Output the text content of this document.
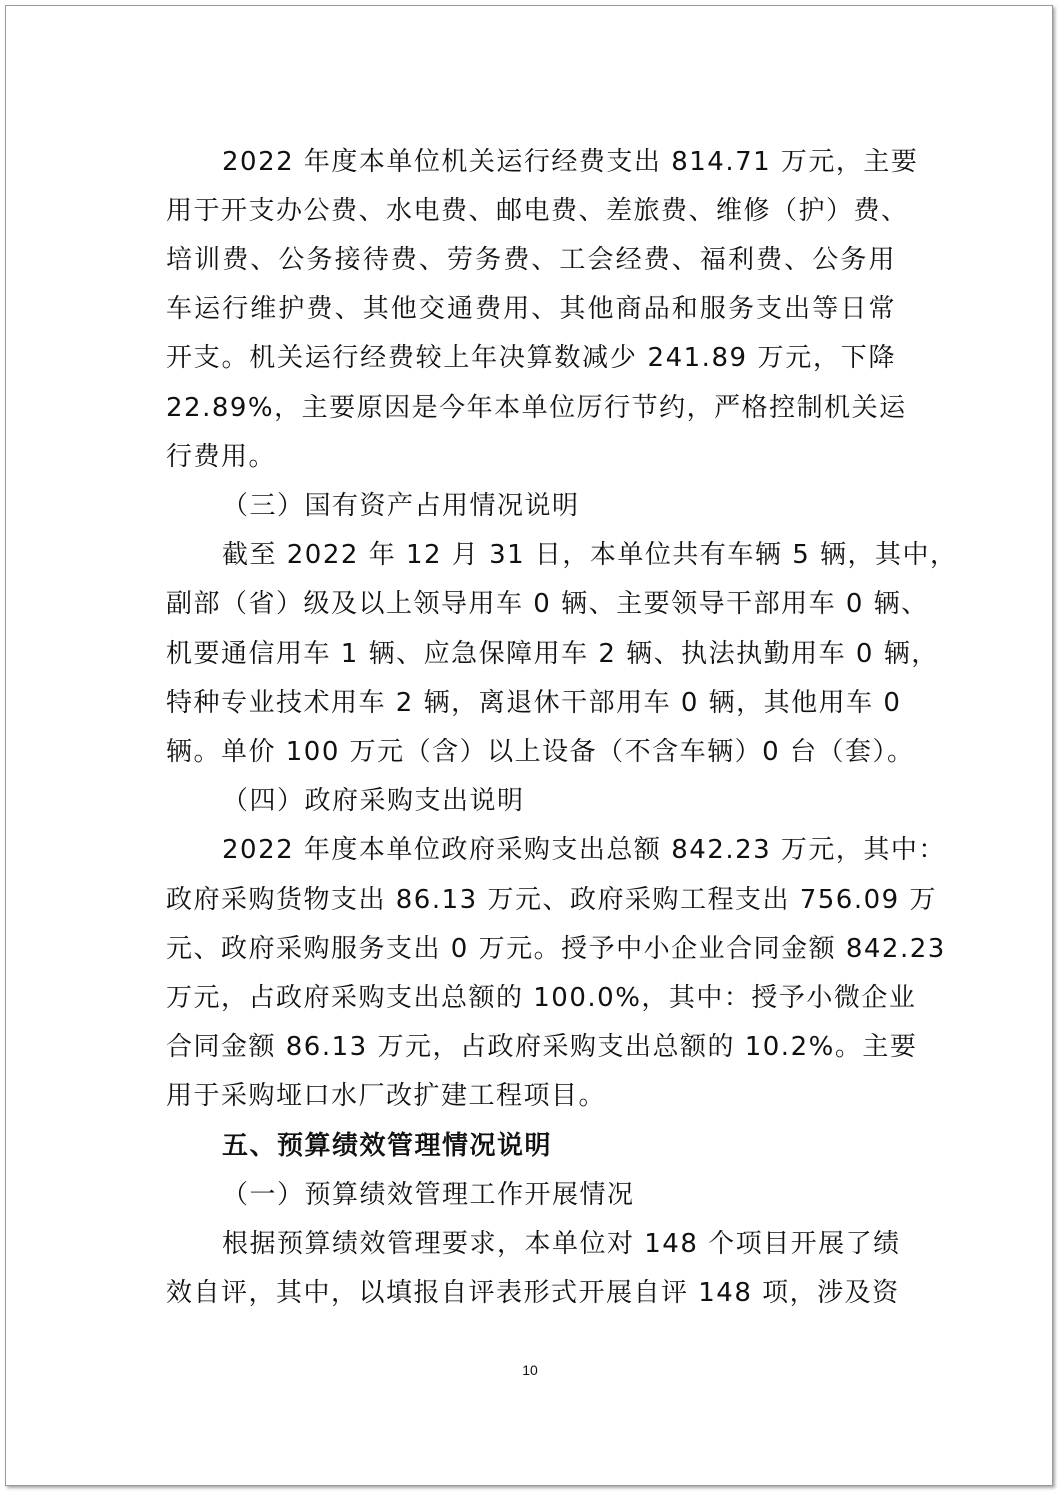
2022 年度本单位机关运行经费支出 814.71 万元，主要
用于开支办公费、水电费、邮电费、差旅费、维修（护）费、
培训费、公务接待费、劳务费、工会经费、福利费、公务用
车运行维护费、其他交通费用、其他商品和服务支出等日常
开支。机关运行经费较上年决算数减少 241.89 万元，下降
22.89%，主要原因是今年本单位厉行节约，严格控制机关运
行费用。
（三）国有资产占用情况说明
截至 2022 年 12 月 31 日，本单位共有车辆 5 辆，其中，
副部（省）级及以上领导用车 0 辆、主要领导干部用车 0 辆、
机要通信用车 1 辆、应急保障用车 2 辆、执法执勤用车 0 辆，
特种专业技术用车 2 辆，离退休干部用车 0 辆，其他用车 0
辆。单价 100 万元（含）以上设备（不含车辆）0 台（套）。
（四）政府采购支出说明
2022 年度本单位政府采购支出总额 842.23 万元，其中：
政府采购货物支出 86.13 万元、政府采购工程支出 756.09 万
元、政府采购服务支出 0 万元。授予中小企业合同金额 842.23
万元，占政府采购支出总额的 100.0%，其中：授予小微企业
合同金额 86.13 万元，占政府采购支出总额的 10.2%。主要
用于采购垭口水厂改扩建工程项目。
五、预算绩效管理情况说明
（一）预算绩效管理工作开展情况
根据预算绩效管理要求，本单位对 148 个项目开展了绩
效自评，其中，以填报自评表形式开展自评 148 项，涉及资
10
